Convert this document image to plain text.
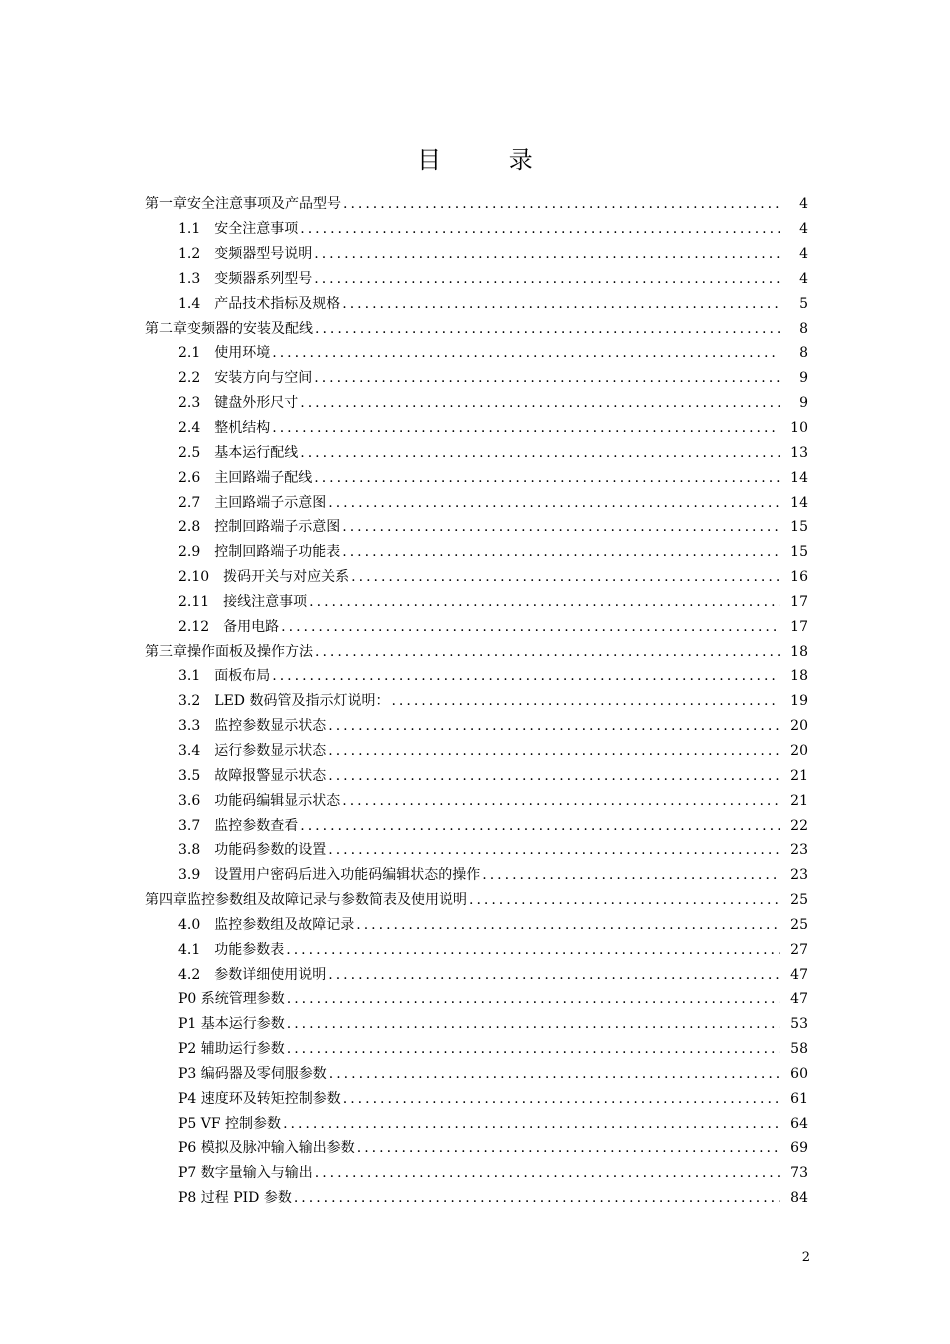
目 录
第一章安全注意事项及产品型号 .....	4
1.1 安全注意事项 .....	4
1.2 变频器型号说明 .....	4
1.3 变频器系列型号 .....	4
1.4 产品技术指标及规格 .....	5
第二章变频器的安装及配线 .....	8
2.1 使用环境 .....	8
2.2 安装方向与空间 .....	9
2.3 键盘外形尺寸 .....	9
2.4 整机结构 .....	10
2.5 基本运行配线 .....	13
2.6 主回路端子配线 .....	14
2.7 主回路端子示意图 .....	14
2.8 控制回路端子示意图 .....	15
2.9 控制回路端子功能表 .....	15
2.10 拨码开关与对应关系 .....	16
2.11 接线注意事项 .....	17
2.12 备用电路 .....	17
第三章操作面板及操作方法 .....	18
3.1 面板布局 .....	18
3.2 LED 数码管及指示灯说明： .....	19
3.3 监控参数显示状态 .....	20
3.4 运行参数显示状态 .....	20
3.5 故障报警显示状态 .....	21
3.6 功能码编辑显示状态 .....	21
3.7 监控参数查看 .....	22
3.8 功能码参数的设置 .....	23
3.9 设置用户密码后进入功能码编辑状态的操作 .....	23
第四章监控参数组及故障记录与参数简表及使用说明 .....	25
4.0 监控参数组及故障记录 .....	25
4.1 功能参数表 .....	27
4.2 参数详细使用说明 .....	47
P0 系统管理参数 .....	47
P1 基本运行参数 .....	53
P2 辅助运行参数 .....	58
P3 编码器及零伺服参数 .....	60
P4 速度环及转矩控制参数 .....	61
P5 VF 控制参数 .....	64
P6 模拟及脉冲输入输出参数 .....	69
P7 数字量输入与输出 .....	73
P8 过程 PID 参数 .....	84
2
